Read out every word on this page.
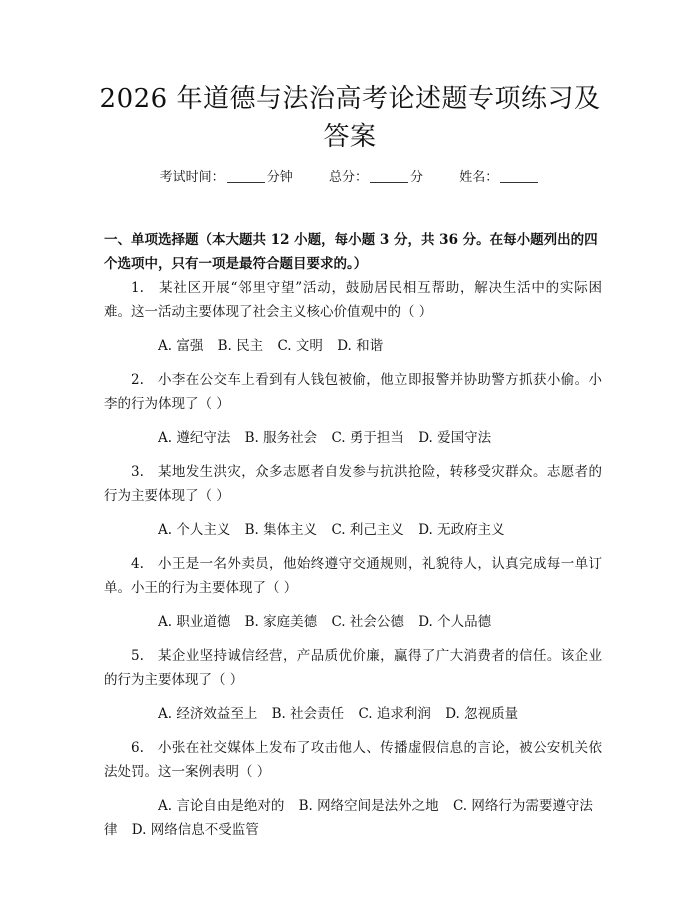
2026 年道德与法治高考论述题专项练习及答案
考试时间：	分钟	总分：	分	姓名：

一、单项选择题（本大题共 12 小题，每小题 3 分，共 36 分。在每小题列出的四个选项中，只有一项是最符合题目要求的。）

1. 某社区开展“邻里守望”活动，鼓励居民相互帮助，解决生活中的实际困难。这一活动主要体现了社会主义核心价值观中的（ ）

A. 富强 B. 民主 C. 文明 D. 和谐

2. 小李在公交车上看到有人钱包被偷，他立即报警并协助警方抓获小偷。小李的行为体现了（ ）

A. 遵纪守法 B. 服务社会 C. 勇于担当 D. 爱国守法

3. 某地发生洪灾，众多志愿者自发参与抗洪抢险，转移受灾群众。志愿者的行为主要体现了（ ）

A. 个人主义 B. 集体主义 C. 利己主义 D. 无政府主义

4. 小王是一名外卖员，他始终遵守交通规则，礼貌待人，认真完成每一单订单。小王的行为主要体现了（ ）

A. 职业道德 B. 家庭美德 C. 社会公德 D. 个人品德

5. 某企业坚持诚信经营，产品质优价廉，赢得了广大消费者的信任。该企业的行为主要体现了（ ）

A. 经济效益至上 B. 社会责任 C. 追求利润 D. 忽视质量

6. 小张在社交媒体上发布了攻击他人、传播虚假信息的言论，被公安机关依法处罚。这一案例表明（ ）

A. 言论自由是绝对的 B. 网络空间是法外之地 C. 网络行为需要遵守法律 D. 网络信息不受监管
